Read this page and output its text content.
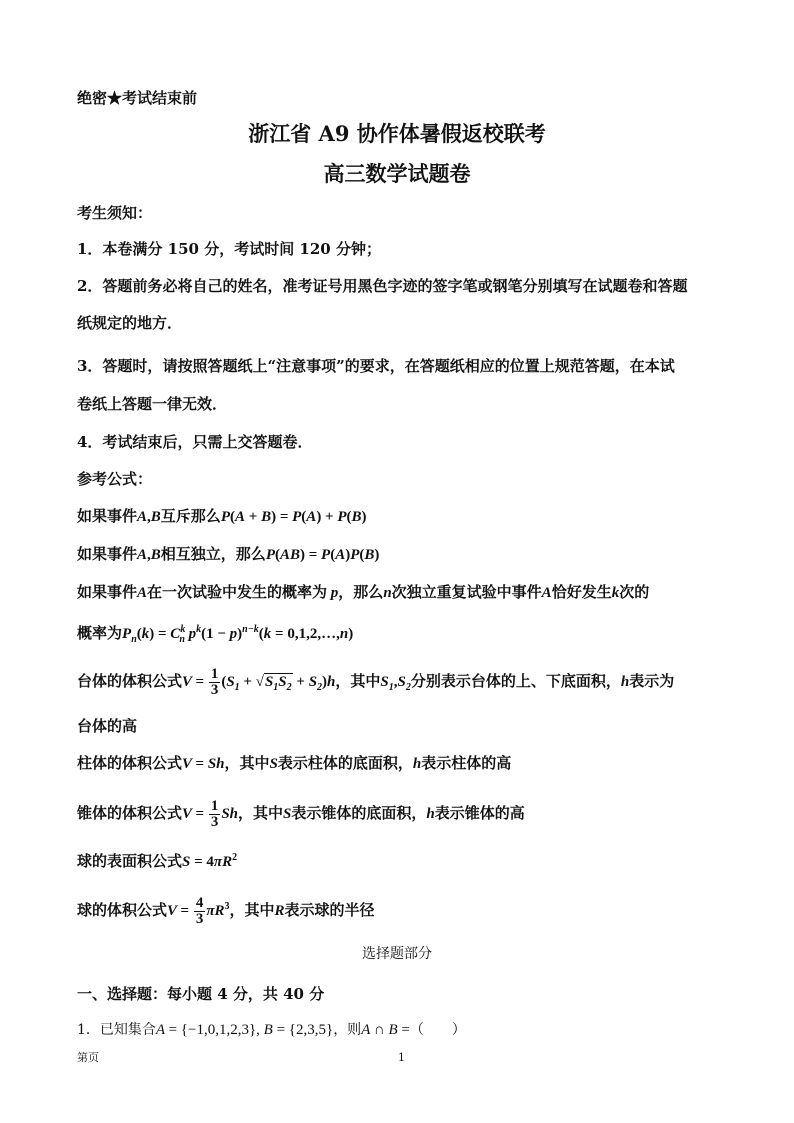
绝密★考试结束前
浙江省 A9 协作体暑假返校联考
高三数学试题卷
考生须知：
1．本卷满分 150 分，考试时间 120 分钟；
2．答题前务必将自己的姓名，准考证号用黑色字迹的签字笔或钢笔分别填写在试题卷和答题
纸规定的地方．
3．答题时，请按照答题纸上“注意事项”的要求，在答题纸相应的位置上规范答题，在本试
卷纸上答题一律无效．
4．考试结束后，只需上交答题卷．
参考公式：
如果事件A,B互斥那么P(A + B) = P(A) + P(B)
如果事件A,B相互独立，那么P(AB) = P(A)P(B)
如果事件A在一次试验中发生的概率为 p，那么n次独立重复试验中事件A恰好发生k次的
概率为$P_n(k) = C^k_n$ $p^k(1 - p)^{n-k}(k$ = 0,1,2,…,n)
台体的体积公式$V = \frac{1}{3} (S_1 + √S_1S_2 + S_2)h$，其中$S_1,S_2$分别表示台体的上、下底面积，h表示为
台体的高
柱体的体积公式V = Sh，其中S表示柱体的底面积，h表示柱体的高
锥体的体积公式$V = \frac{1}{3}$ Sh，其中S表示锥体的底面积，h表示锥体的高
球的表面积公式$S = 4\pi R^2$
球的体积公式$V = \frac{4}{3} \pi R^3$，其中R表示球的半径
选择题部分
一、选择题：每小题 4 分，共 40 分
1．已知集合A = {−1,0,1,2,3}, B = {2,3,5}，则A ∩ B =（　　）
第页	1
